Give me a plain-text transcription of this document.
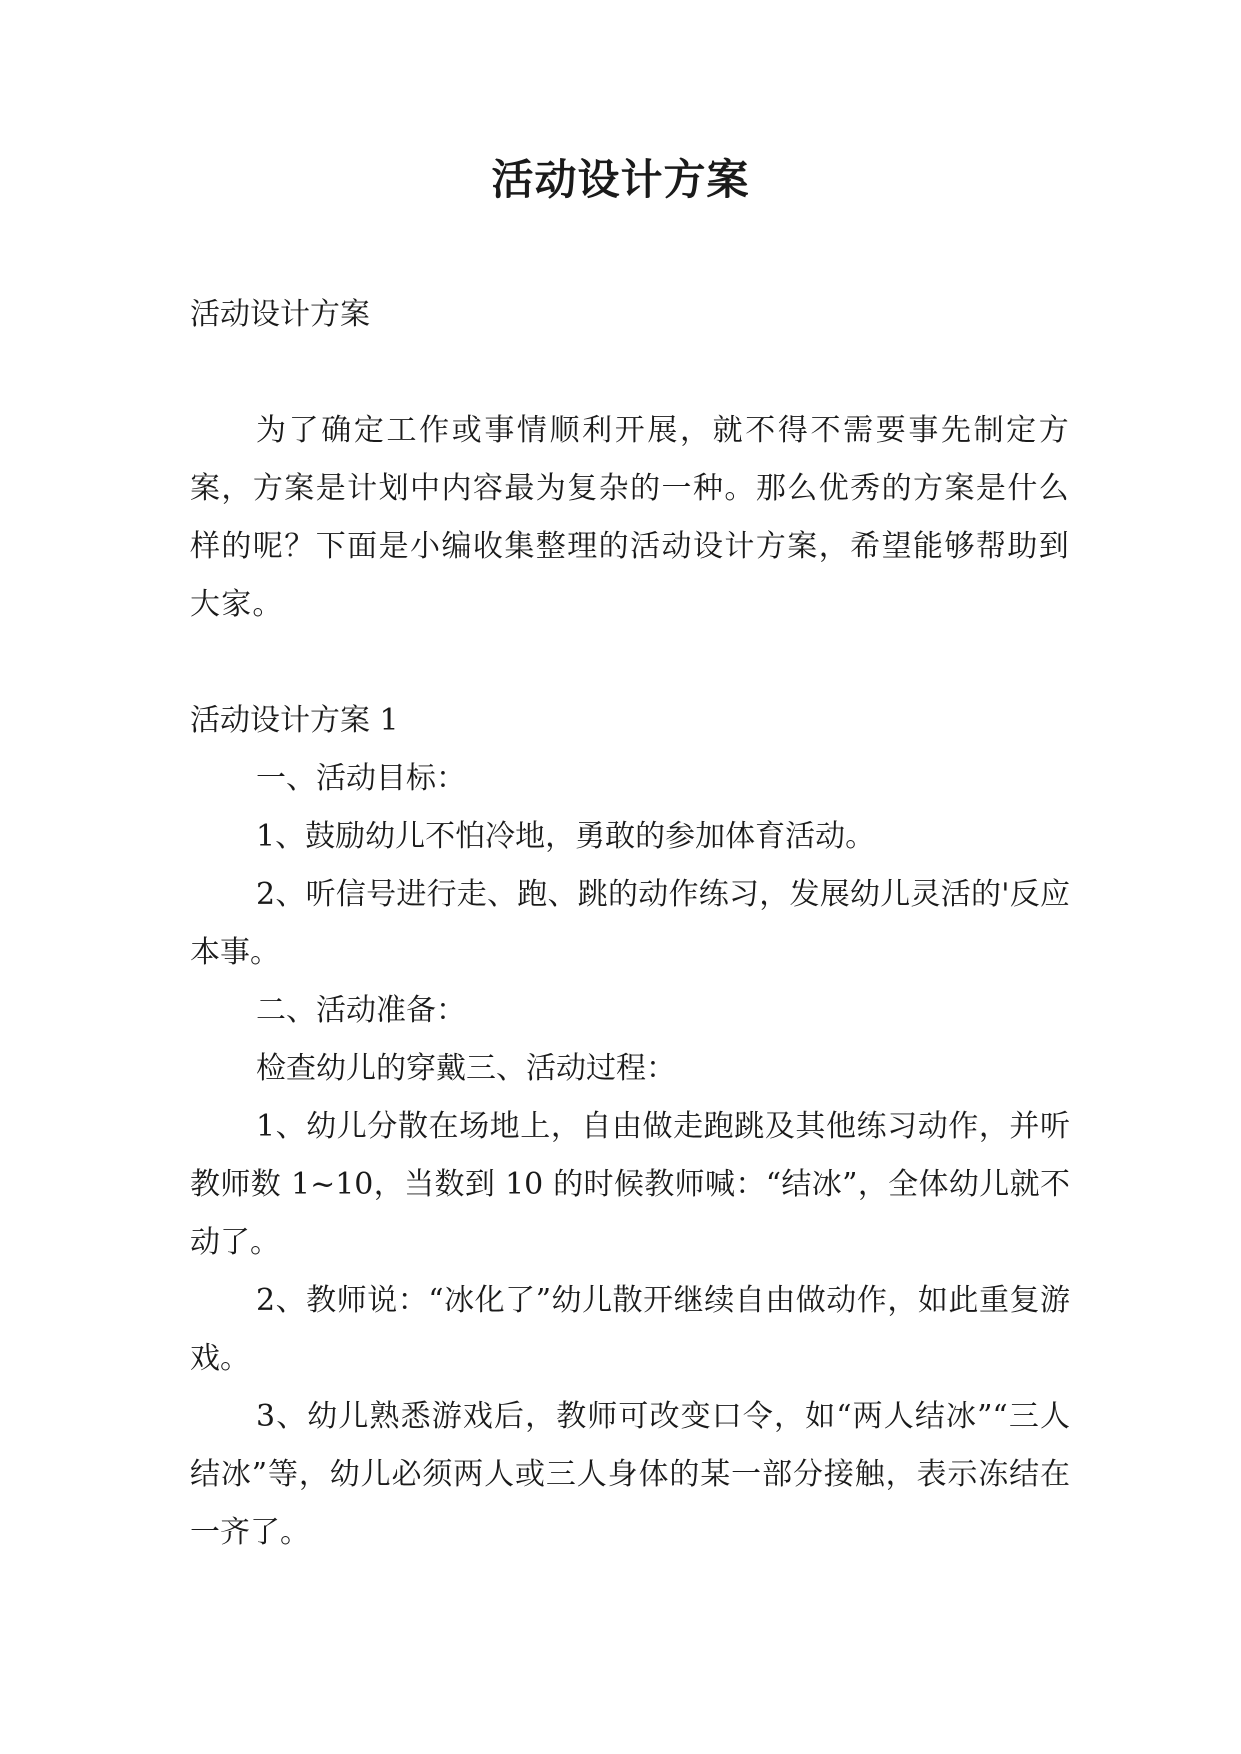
活动设计方案

活动设计方案

为了确定工作或事情顺利开展，就不得不需要事先制定方案，方案是计划中内容最为复杂的一种。那么优秀的方案是什么样的呢？下面是小编收集整理的活动设计方案，希望能够帮助到大家。

活动设计方案 1

一、活动目标：

1、鼓励幼儿不怕冷地，勇敢的参加体育活动。

2、听信号进行走、跑、跳的动作练习，发展幼儿灵活的'反应本事。

二、活动准备：

检查幼儿的穿戴三、活动过程：

1、幼儿分散在场地上，自由做走跑跳及其他练习动作，并听教师数 1~10，当数到 10 的时候教师喊：“结冰”，全体幼儿就不动了。

2、教师说：“冰化了”幼儿散开继续自由做动作，如此重复游戏。

3、幼儿熟悉游戏后，教师可改变口令，如“两人结冰”“三人结冰”等，幼儿必须两人或三人身体的某一部分接触，表示冻结在一齐了。
